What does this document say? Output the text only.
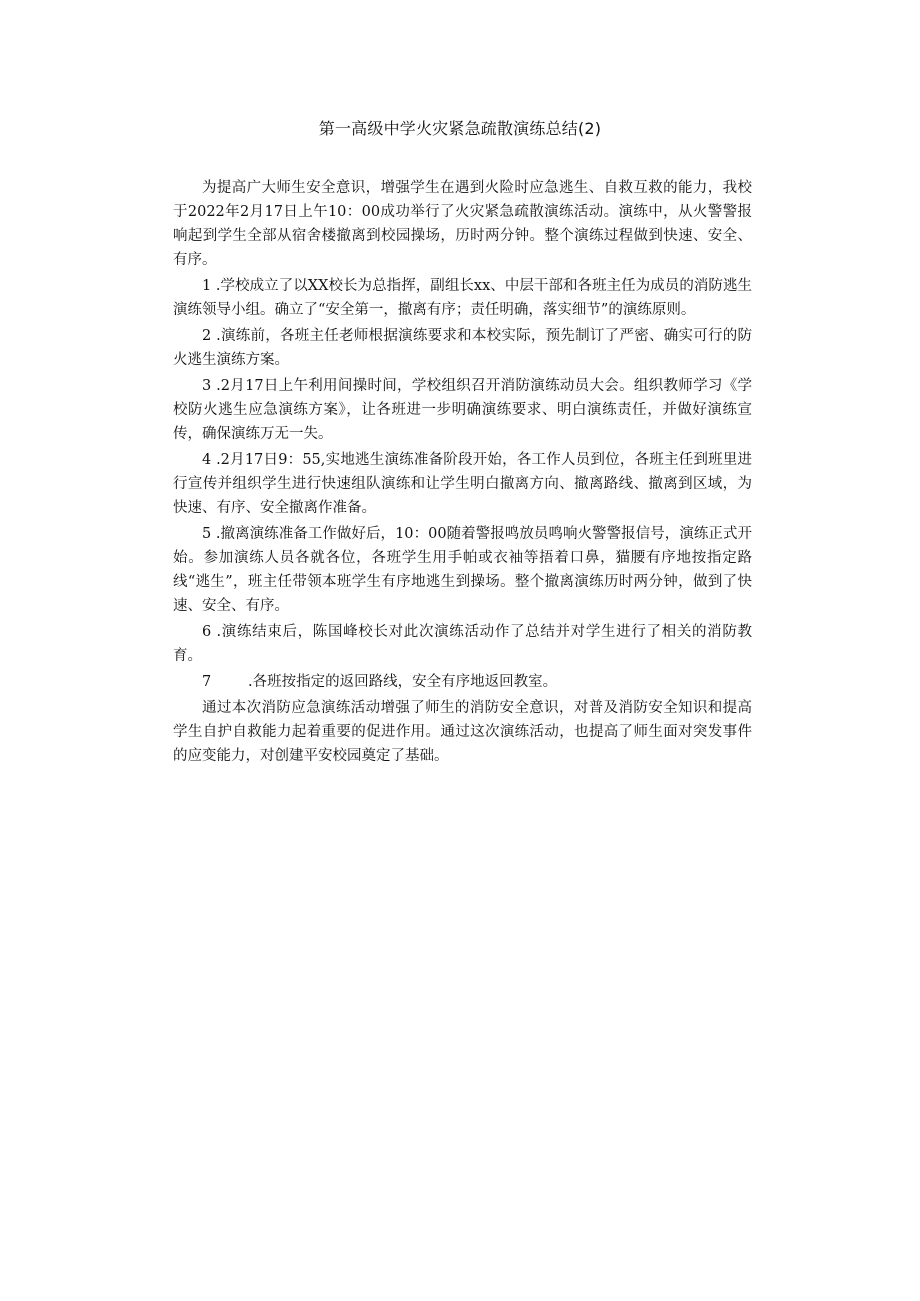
第一高级中学火灾紧急疏散演练总结(2)

为提高广大师生安全意识，增强学生在遇到火险时应急逃生、自救互救的能力，我校于2022年2月17日上午10：00成功举行了火灾紧急疏散演练活动。演练中，从火警警报响起到学生全部从宿舍楼撤离到校园操场，历时两分钟。整个演练过程做到快速、安全、有序。

1 .学校成立了以XX校长为总指挥，副组长xx、中层干部和各班主任为成员的消防逃生演练领导小组。确立了“安全第一，撤离有序；责任明确，落实细节”的演练原则。

2 .演练前，各班主任老师根据演练要求和本校实际，预先制订了严密、确实可行的防火逃生演练方案。

3 .2月17日上午利用间操时间，学校组织召开消防演练动员大会。组织教师学习《学校防火逃生应急演练方案》，让各班进一步明确演练要求、明白演练责任，并做好演练宣传，确保演练万无一失。

4 .2月17日9：55,实地逃生演练准备阶段开始，各工作人员到位，各班主任到班里进行宣传并组织学生进行快速组队演练和让学生明白撤离方向、撤离路线、撤离到区域，为快速、有序、安全撤离作准备。

5 .撤离演练准备工作做好后，10：00随着警报鸣放员鸣响火警警报信号，演练正式开始。参加演练人员各就各位，各班学生用手帕或衣袖等捂着口鼻，猫腰有序地按指定路线“逃生”，班主任带领本班学生有序地逃生到操场。整个撤离演练历时两分钟，做到了快速、安全、有序。

6 .演练结束后，陈国峰校长对此次演练活动作了总结并对学生进行了相关的消防教育。

7	.各班按指定的返回路线，安全有序地返回教室。

通过本次消防应急演练活动增强了师生的消防安全意识，对普及消防安全知识和提高学生自护自救能力起着重要的促进作用。通过这次演练活动，也提高了师生面对突发事件的应变能力，对创建平安校园奠定了基础。
